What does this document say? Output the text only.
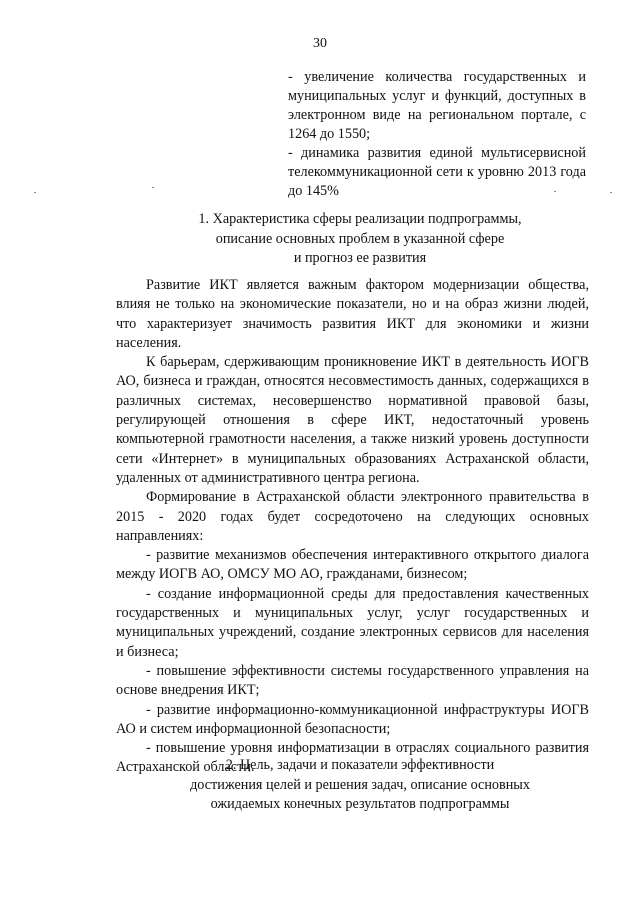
30

- увеличение количества государственных и муниципальных услуг и функций, доступных в электронном виде на региональном портале, с 1264 до 1550;

- динамика развития единой мультисервисной телекоммуникационной сети к уровню 2013 года до 145%

1. Характеристика сферы реализации подпрограммы,

описание основных проблем в указанной сфере

и прогноз ее развития

Развитие ИКТ является важным фактором модернизации общества, влияя не только на экономические показатели, но и на образ жизни людей, что характеризует значимость развития ИКТ для экономики и жизни населения.

К барьерам, сдерживающим проникновение ИКТ в деятельность ИОГВ АО, бизнеса и граждан, относятся несовместимость данных, содержащихся в различных системах, несовершенство нормативной правовой базы, регулирующей отношения в сфере ИКТ, недостаточный уровень компьютерной грамотности населения, а также низкий уровень доступности сети «Интернет» в муниципальных образованиях Астраханской области, удаленных от административного центра региона.

Формирование в Астраханской области электронного правительства в 2015 - 2020 годах будет сосредоточено на следующих основных направлениях:

- развитие механизмов обеспечения интерактивного открытого диалога между ИОГВ АО, ОМСУ МО АО, гражданами, бизнесом;

- создание информационной среды для предоставления качественных государственных и муниципальных услуг, услуг государственных и муниципальных учреждений, создание электронных сервисов для населения и бизнеса;

- повышение эффективности системы государственного управления на основе внедрения ИКТ;

- развитие информационно-коммуникационной инфраструктуры ИОГВ АО и систем информационной безопасности;

- повышение уровня информатизации в отраслях социального развития Астраханской области.

2. Цель, задачи и показатели эффективности

достижения целей и решения задач, описание основных

ожидаемых конечных результатов подпрограммы
